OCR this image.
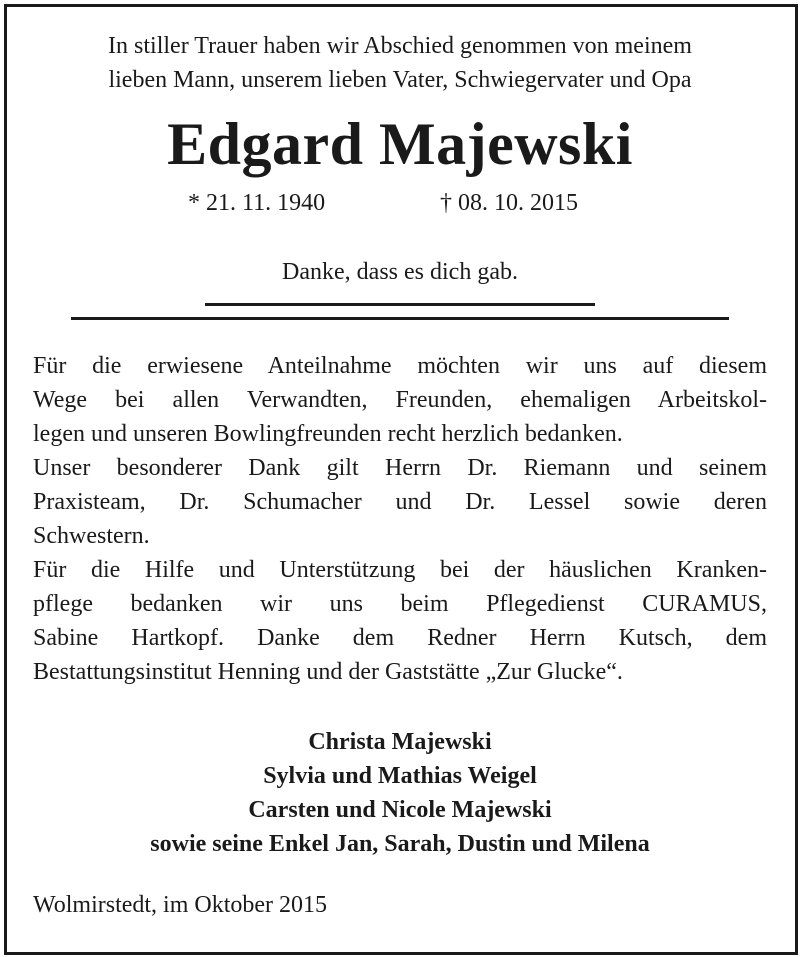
In stiller Trauer haben wir Abschied genommen von meinem
lieben Mann, unserem lieben Vater, Schwiegervater und Opa
Edgard Majewski
* 21. 11. 1940	† 08. 10. 2015
Danke, dass es dich gab.

Für die erwiesene Anteilnahme möchten wir uns auf diesem

Wege bei allen Verwandten, Freunden, ehemaligen Arbeitskol-

legen und unseren Bowlingfreunden recht herzlich bedanken.

Unser besonderer Dank gilt Herrn Dr. Riemann und seinem

Praxisteam, Dr. Schumacher und Dr. Lessel sowie deren

Schwestern.

Für die Hilfe und Unterstützung bei der häuslichen Kranken-

pflege bedanken wir uns beim Pflegedienst CURAMUS,

Sabine Hartkopf. Danke dem Redner Herrn Kutsch, dem

Bestattungsinstitut Henning und der Gaststätte „Zur Glucke“.

Christa Majewski
Sylvia und Mathias Weigel
Carsten und Nicole Majewski
sowie seine Enkel Jan, Sarah, Dustin und Milena
Wolmirstedt, im Oktober 2015
